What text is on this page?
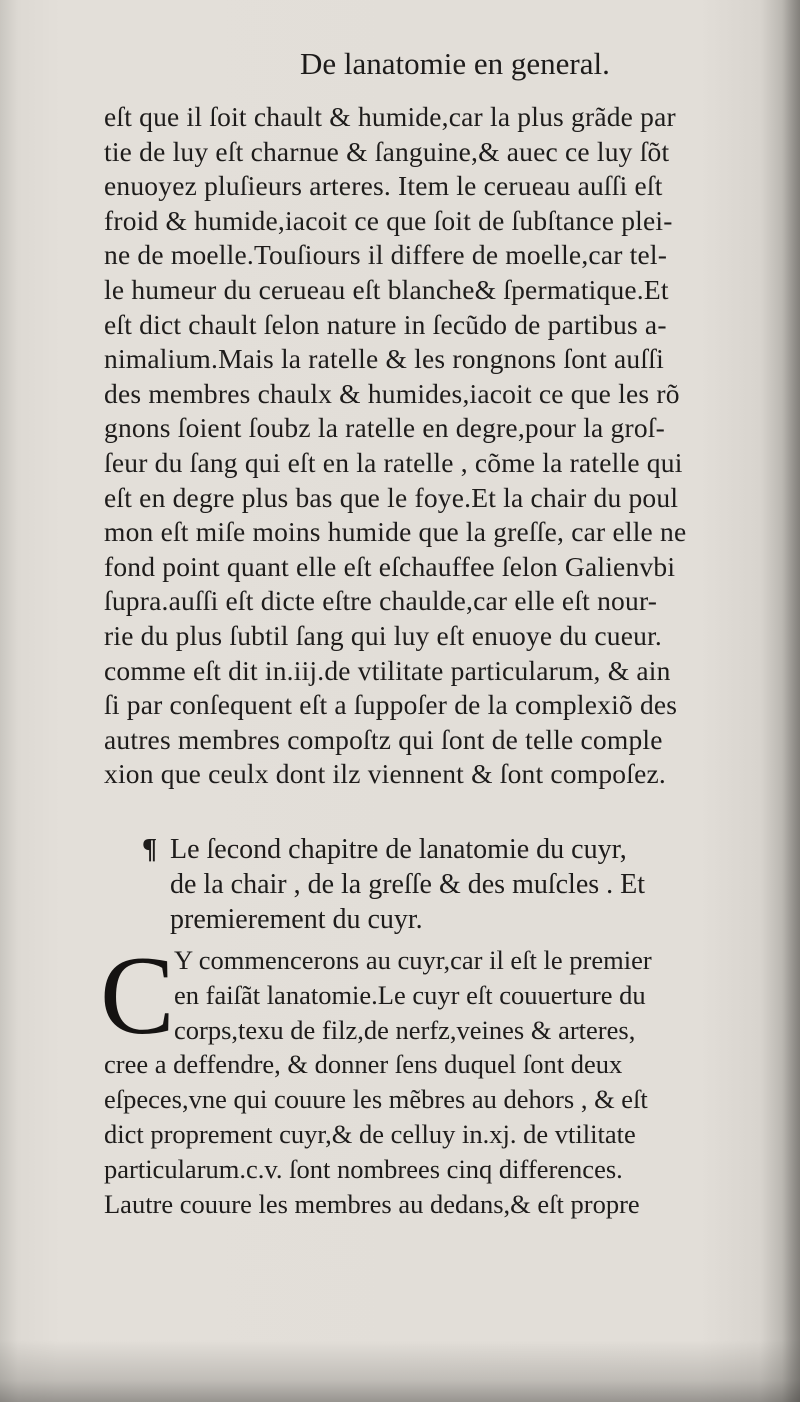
De lanatomie en general.
eſt que il ſoit chault & humide,car la plus grãde par
tie de luy eſt charnue & ſanguine,& auec ce luy ſõt
enuoyez pluſieurs arteres. Item le cerueau auſſi eſt
froid & humide,iacoit ce que ſoit de ſubſtance plei-
ne de moelle.Touſiours il differe de moelle,car tel-
le humeur du cerueau eſt blanche& ſpermatique.Et
eſt dict chault ſelon nature in ſecũdo de partibus a-
nimalium.Mais la ratelle & les rongnons ſont auſſi
des membres chaulx & humides,iacoit ce que les rõ
gnons ſoient ſoubz la ratelle en degre,pour la groſ-
ſeur du ſang qui eſt en la ratelle , cõme la ratelle qui
eſt en degre plus bas que le foye.Et la chair du poul
mon eſt miſe moins humide que la greſſe, car elle ne
fond point quant elle eſt eſchauffee ſelon Galienvbi
ſupra.auſſi eſt dicte eſtre chaulde,car elle eſt nour-
rie du plus ſubtil ſang qui luy eſt enuoye du cueur.
comme eſt dit in.iij.de vtilitate particularum, & ain
ſi par conſequent eſt a ſuppoſer de la complexiõ des
autres membres compoſtz qui ſont de telle comple
xion que ceulx dont ilz viennent & ſont compoſez.
¶ Le ſecond chapitre de lanatomie du cuyr,
de la chair , de la greſſe & des muſcles . Et
premierement du cuyr.
C Y commencerons au cuyr,car il eſt le premier
en faiſãt lanatomie.Le cuyr eſt couuerture du
corps,texu de filz,de nerfz,veines & arteres,
cree a deffendre, & donner ſens duquel ſont deux
eſpeces,vne qui couure les mẽbres au dehors , & eſt
dict proprement cuyr,& de celluy in.xj. de vtilitate
particularum.c.v. ſont nombrees cinq differences.
Lautre couure les membres au dedans,& eſt propre
